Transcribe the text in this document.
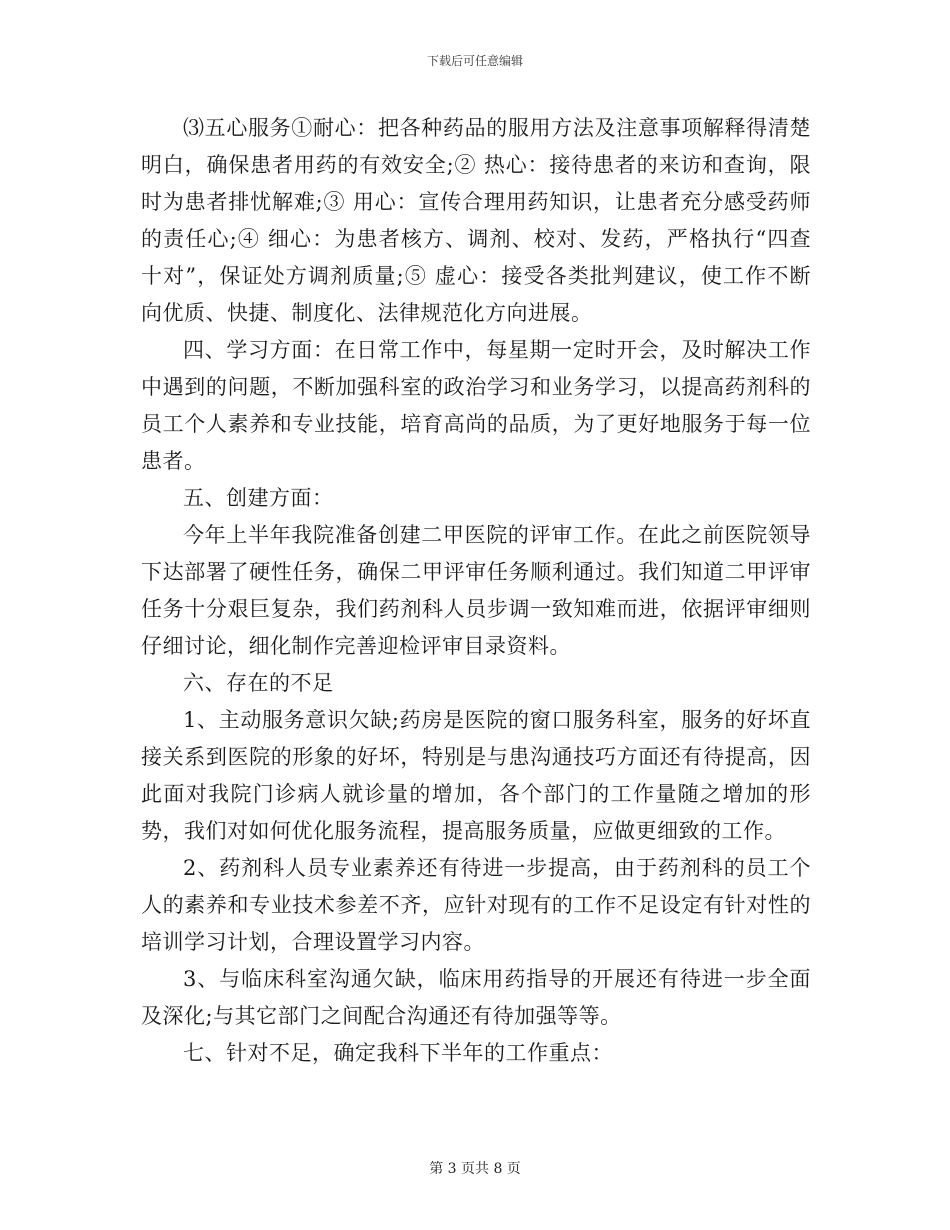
下载后可任意编辑

⑶五心服务①耐心：把各种药品的服用方法及注意事项解释得清楚明白，确保患者用药的有效安全;② 热心：接待患者的来访和查询，限时为患者排忧解难;③ 用心：宣传合理用药知识，让患者充分感受药师的责任心;④ 细心：为患者核方、调剂、校对、发药，严格执行“四查十对”，保证处方调剂质量;⑤ 虚心：接受各类批判建议，使工作不断向优质、快捷、制度化、法律规范化方向进展。

四、学习方面：在日常工作中，每星期一定时开会，及时解决工作中遇到的问题，不断加强科室的政治学习和业务学习，以提高药剂科的员工个人素养和专业技能，培育高尚的品质，为了更好地服务于每一位患者。

五、创建方面：

今年上半年我院准备创建二甲医院的评审工作。在此之前医院领导下达部署了硬性任务，确保二甲评审任务顺利通过。我们知道二甲评审任务十分艰巨复杂，我们药剂科人员步调一致知难而进，依据评审细则仔细讨论，细化制作完善迎检评审目录资料。

六、存在的不足

1、主动服务意识欠缺;药房是医院的窗口服务科室，服务的好坏直接关系到医院的形象的好坏，特别是与患沟通技巧方面还有待提高，因此面对我院门诊病人就诊量的增加，各个部门的工作量随之增加的形势，我们对如何优化服务流程，提高服务质量，应做更细致的工作。

2、药剂科人员专业素养还有待进一步提高，由于药剂科的员工个人的素养和专业技术参差不齐，应针对现有的工作不足设定有针对性的培训学习计划，合理设置学习内容。

3、与临床科室沟通欠缺，临床用药指导的开展还有待进一步全面及深化;与其它部门之间配合沟通还有待加强等等。

七、针对不足，确定我科下半年的工作重点：

第 3 页共 8 页
